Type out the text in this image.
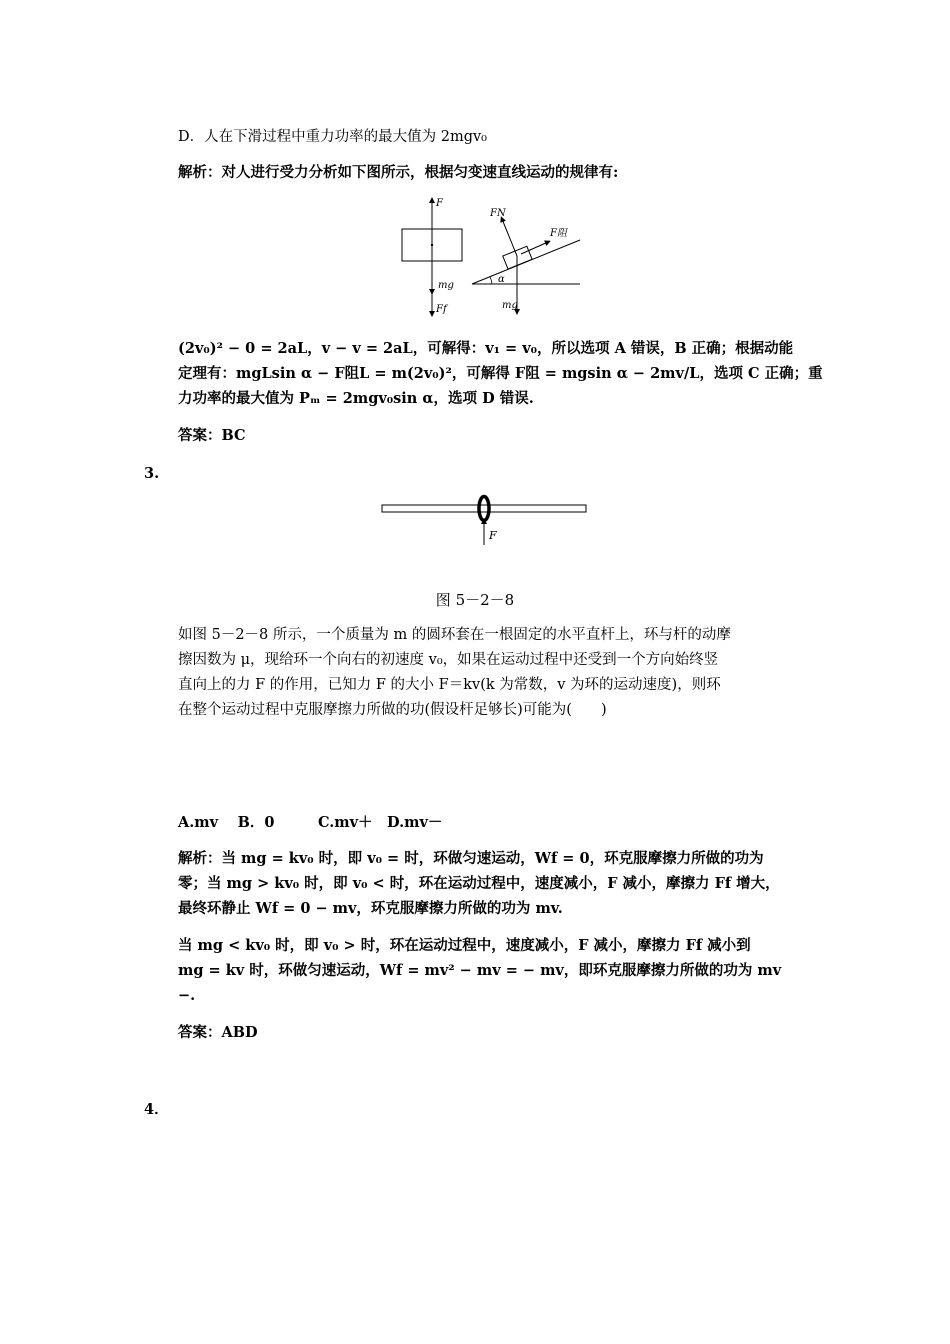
D．人在下滑过程中重力功率的最大值为 2mgv₀
解析：对人进行受力分析如下图所示，根据匀变速直线运动的规律有:
F
mg
Ff
FN
F阻
α
mg
(2v₀)² − 0 = 2aL，v − v = 2aL，可解得：v₁ = v₀，所以选项 A 错误，B 正确；根据动能
定理有：mgLsin α − F阻L = m(2v₀)²，可解得 F阻 = mgsin α − 2mv/L，选项 C 正确；重
力功率的最大值为 Pₘ = 2mgv₀sin α，选项 D 错误.
答案：BC
3.
F
图 5－2－8
如图 5－2－8 所示，一个质量为 m 的圆环套在一根固定的水平直杆上，环与杆的动摩
擦因数为 μ，现给环一个向右的初速度 v₀，如果在运动过程中还受到一个方向始终竖
直向上的力 F 的作用，已知力 F 的大小 F＝kv(k 为常数，v 为环的运动速度)，则环
在整个运动过程中克服摩擦力所做的功(假设杆足够长)可能为(　　)
A.mv　 B．0　　　C.mv＋　D.mv－
解析：当 mg = kv₀ 时，即 v₀ = 时，环做匀速运动，Wf = 0，环克服摩擦力所做的功为
零；当 mg > kv₀ 时，即 v₀ < 时，环在运动过程中，速度减小，F 减小，摩擦力 Ff 增大，
最终环静止 Wf = 0 − mv，环克服摩擦力所做的功为 mv.
当 mg < kv₀ 时，即 v₀ > 时，环在运动过程中，速度减小，F 减小，摩擦力 Ff 减小到
mg = kv 时，环做匀速运动，Wf = mv² − mv = − mv，即环克服摩擦力所做的功为 mv
−.
答案：ABD
4．
